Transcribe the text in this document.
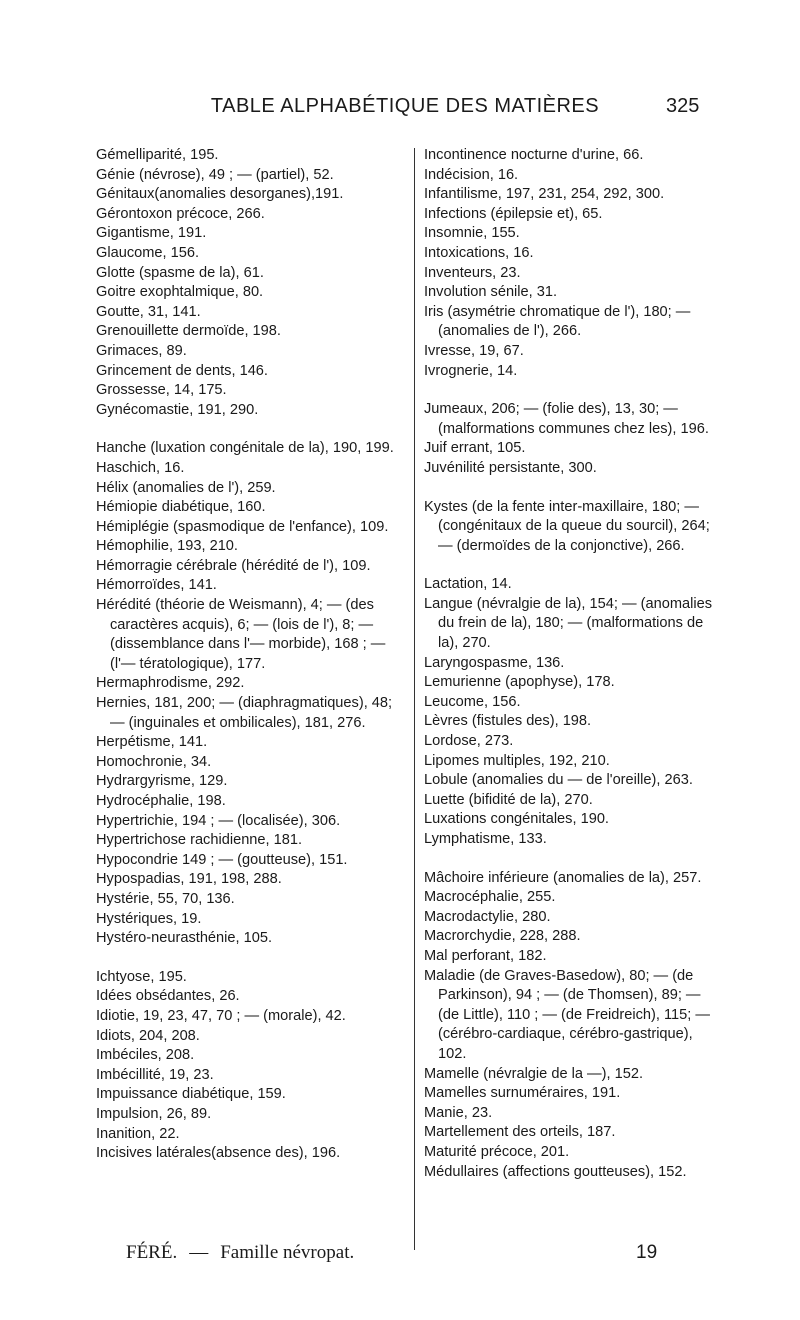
TABLE ALPHABÉTIQUE DES MATIÈRES	325
Gémelliparité, 195.
Génie (névrose), 49 ; — (partiel), 52.
Génitaux(anomalies desorganes),191.
Gérontoxon précoce, 266.
Gigantisme, 191.
Glaucome, 156.
Glotte (spasme de la), 61.
Goitre exophtalmique, 80.
Goutte, 31, 141.
Grenouillette dermoïde, 198.
Grimaces, 89.
Grincement de dents, 146.
Grossesse, 14, 175.
Gynécomastie, 191, 290.
Hanche (luxation congénitale de la), 190, 199.
Haschich, 16.
Hélix (anomalies de l'), 259.
Hémiopie diabétique, 160.
Hémiplégie (spasmodique de l'enfance), 109.
Hémophilie, 193, 210.
Hémorragie cérébrale (hérédité de l'), 109.
Hémorroïdes, 141.
Hérédité (théorie de Weismann), 4; — (des caractères acquis), 6; — (lois de l'), 8; — (dissemblance dans l'— morbide), 168 ; — (l'— tératologique), 177.
Hermaphrodisme, 292.
Hernies, 181, 200; — (diaphragmatiques), 48; — (inguinales et ombilicales), 181, 276.
Herpétisme, 141.
Homochronie, 34.
Hydrargyrisme, 129.
Hydrocéphalie, 198.
Hypertrichie, 194 ; — (localisée), 306.
Hypertrichose rachidienne, 181.
Hypocondrie 149 ; — (goutteuse), 151.
Hypospadias, 191, 198, 288.
Hystérie, 55, 70, 136.
Hystériques, 19.
Hystéro-neurasthénie, 105.
Ichtyose, 195.
Idées obsédantes, 26.
Idiotie, 19, 23, 47, 70 ; — (morale), 42.
Idiots, 204, 208.
Imbéciles, 208.
Imbécillité, 19, 23.
Impuissance diabétique, 159.
Impulsion, 26, 89.
Inanition, 22.
Incisives latérales(absence des), 196.
Incontinence nocturne d'urine, 66.
Indécision, 16.
Infantilisme, 197, 231, 254, 292, 300.
Infections (épilepsie et), 65.
Insomnie, 155.
Intoxications, 16.
Inventeurs, 23.
Involution sénile, 31.
Iris (asymétrie chromatique de l'), 180; — (anomalies de l'), 266.
Ivresse, 19, 67.
Ivrognerie, 14.
Jumeaux, 206; — (folie des), 13, 30; — (malformations communes chez les), 196.
Juif errant, 105.
Juvénilité persistante, 300.
Kystes (de la fente inter-maxillaire, 180; — (congénitaux de la queue du sourcil), 264; — (dermoïdes de la conjonctive), 266.
Lactation, 14.
Langue (névralgie de la), 154; — (anomalies du frein de la), 180; — (malformations de la), 270.
Laryngospasme, 136.
Lemurienne (apophyse), 178.
Leucome, 156.
Lèvres (fistules des), 198.
Lordose, 273.
Lipomes multiples, 192, 210.
Lobule (anomalies du — de l'oreille), 263.
Luette (bifidité de la), 270.
Luxations congénitales, 190.
Lymphatisme, 133.
Mâchoire inférieure (anomalies de la), 257.
Macrocéphalie, 255.
Macrodactylie, 280.
Macrorchydie, 228, 288.
Mal perforant, 182.
Maladie (de Graves-Basedow), 80; — (de Parkinson), 94 ; — (de Thomsen), 89; — (de Little), 110 ; — (de Freidreich), 115; — (cérébro-cardiaque, cérébro-gastrique), 102.
Mamelle (névralgie de la —), 152.
Mamelles surnuméraires, 191.
Manie, 23.
Martellement des orteils, 187.
Maturité précoce, 201.
Médullaires (affections goutteuses), 152.
FÉRÉ. — Famille névropat.	19
